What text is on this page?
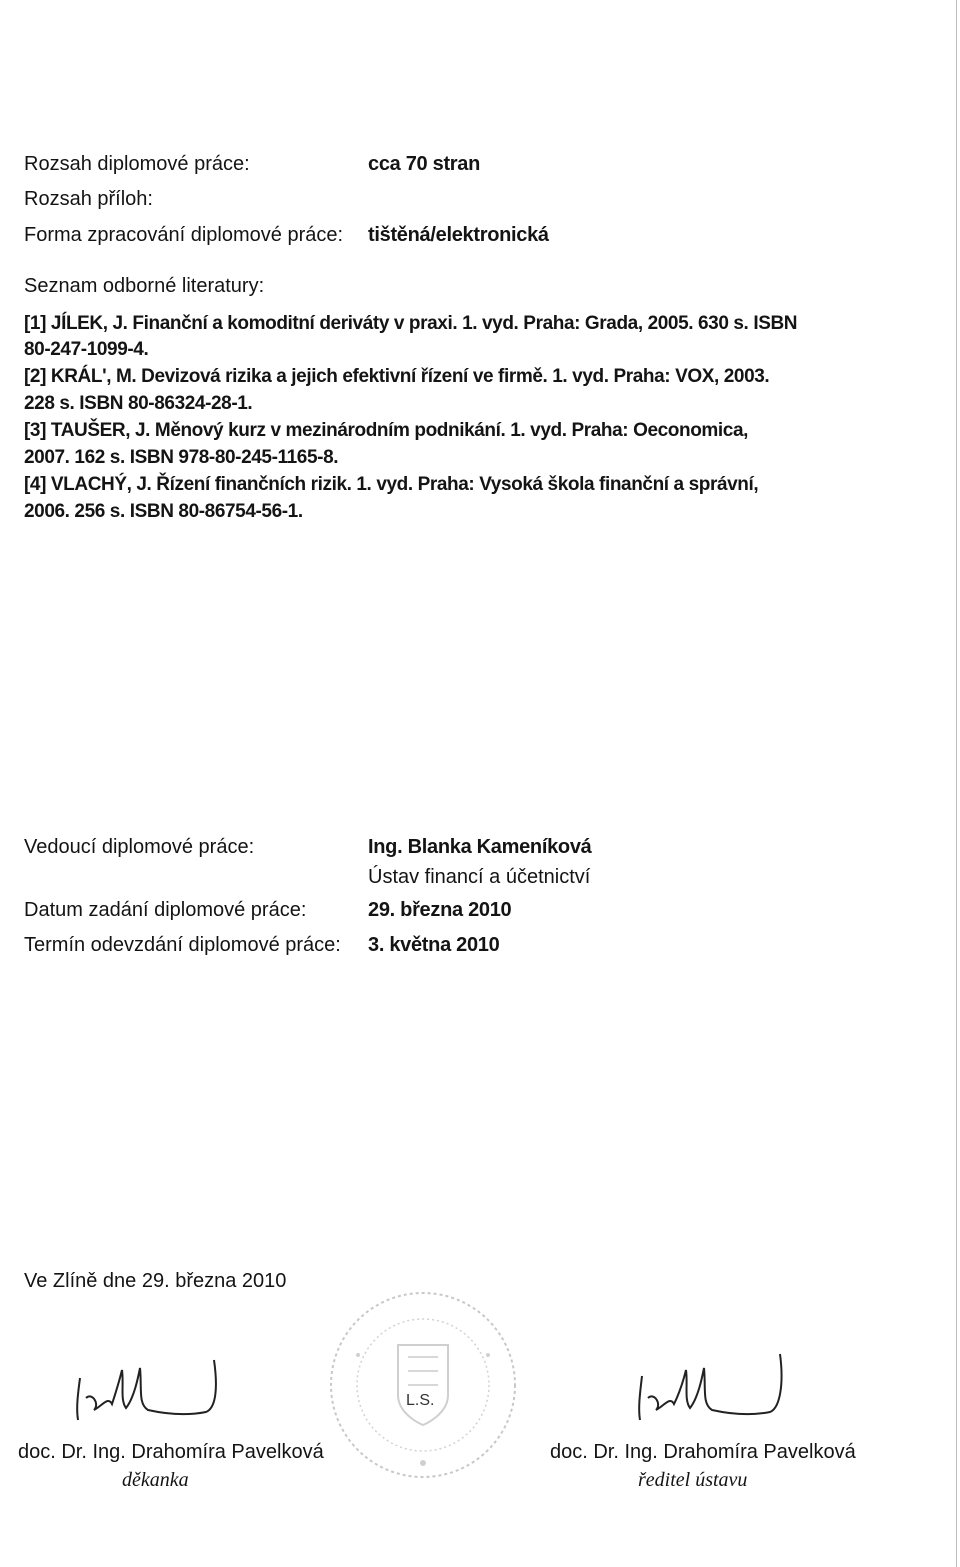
Rozsah diplomové práce:	cca 70 stran
Rozsah příloh:
Forma zpracování diplomové práce: tištěná/elektronická
Seznam odborné literatury:
[1] JÍLEK, J. Finanční a komoditní deriváty v praxi. 1. vyd. Praha: Grada, 2005. 630 s. ISBN
80-247-1099-4.
[2] KRÁL', M. Devizová rizika a jejich efektivní řízení ve firmě. 1. vyd. Praha: VOX, 2003.
228 s. ISBN 80-86324-28-1.
[3] TAUŠER, J. Měnový kurz v mezinárodním podnikání. 1. vyd. Praha: Oeconomica,
2007. 162 s. ISBN 978-80-245-1165-8.
[4] VLACHÝ, J. Řízení finančních rizik. 1. vyd. Praha: Vysoká škola finanční a správní,
2006. 256 s. ISBN 80-86754-56-1.
Vedoucí diplomové práce:	Ing. Blanka Kameníková
Ústav financí a účetnictví
Datum zadání diplomové práce:	29. března 2010
Termín odevzdání diplomové práce: 3. května 2010
Ve Zlíně dne 29. března 2010
doc. Dr. Ing. Drahomíra Pavelková
děkanka
L.S.
doc. Dr. Ing. Drahomíra Pavelková
ředitel ústavu
